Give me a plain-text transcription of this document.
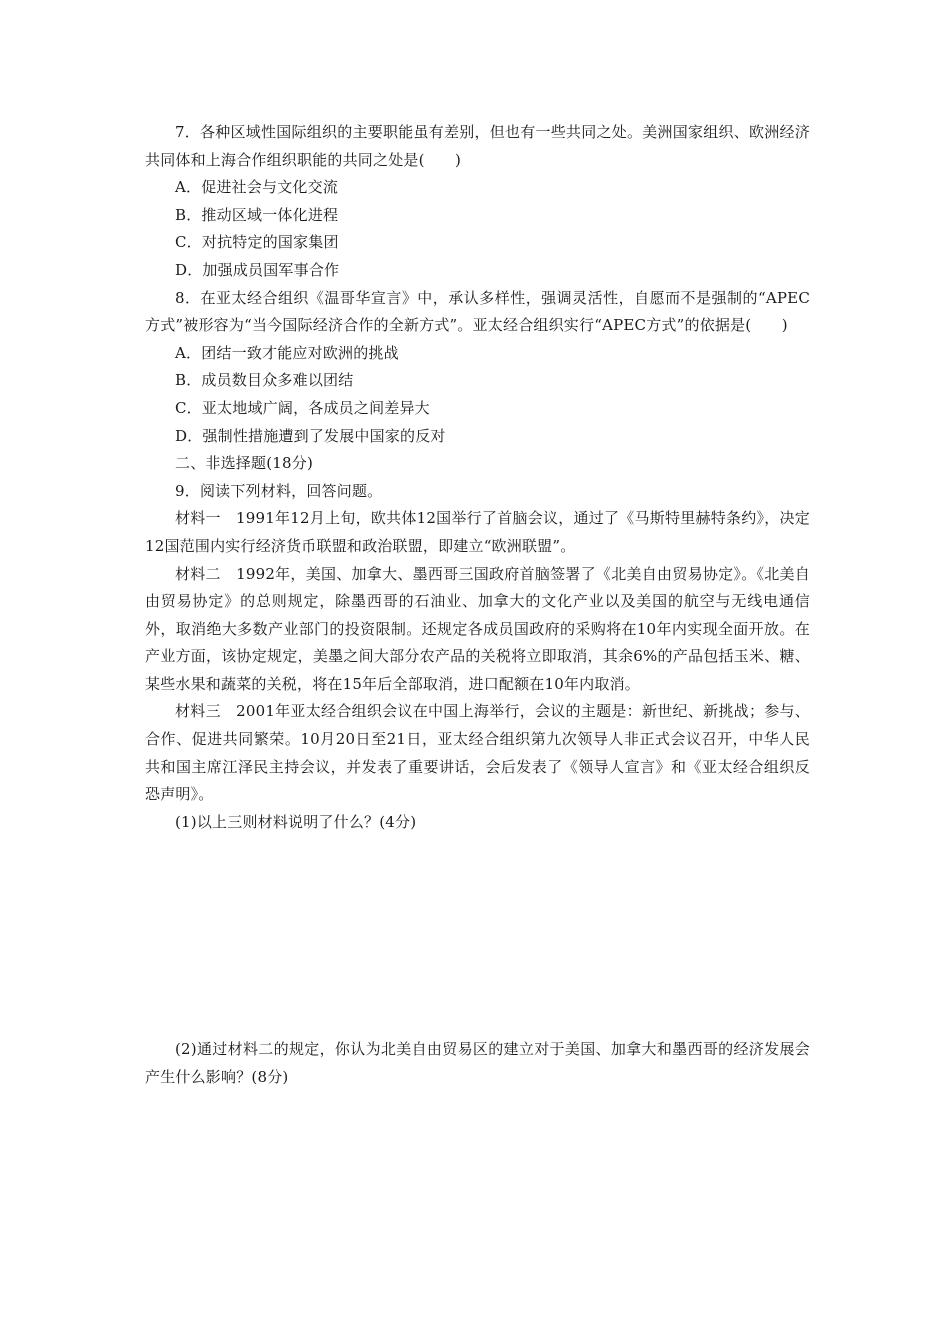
7．各种区域性国际组织的主要职能虽有差别，但也有一些共同之处。美洲国家组织、欧洲经济共同体和上海合作组织职能的共同之处是(　　)

A．促进社会与文化交流

B．推动区域一体化进程

C．对抗特定的国家集团

D．加强成员国军事合作

8．在亚太经合组织《温哥华宣言》中，承认多样性，强调灵活性，自愿而不是强制的“APEC方式”被形容为“当今国际经济合作的全新方式”。亚太经合组织实行“APEC方式”的依据是(　　)

A．团结一致才能应对欧洲的挑战

B．成员数目众多难以团结

C．亚太地域广阔，各成员之间差异大

D．强制性措施遭到了发展中国家的反对

二、非选择题(18分)

9．阅读下列材料，回答问题。

材料一　1991年12月上旬，欧共体12国举行了首脑会议，通过了《马斯特里赫特条约》，决定12国范围内实行经济货币联盟和政治联盟，即建立“欧洲联盟”。

材料二　1992年，美国、加拿大、墨西哥三国政府首脑签署了《北美自由贸易协定》。《北美自由贸易协定》的总则规定，除墨西哥的石油业、加拿大的文化产业以及美国的航空与无线电通信外，取消绝大多数产业部门的投资限制。还规定各成员国政府的采购将在10年内实现全面开放。在产业方面，该协定规定，美墨之间大部分农产品的关税将立即取消，其余6%的产品包括玉米、糖、某些水果和蔬菜的关税，将在15年后全部取消，进口配额在10年内取消。

材料三　2001年亚太经合组织会议在中国上海举行，会议的主题是：新世纪、新挑战；参与、合作、促进共同繁荣。10月20日至21日，亚太经合组织第九次领导人非正式会议召开，中华人民共和国主席江泽民主持会议，并发表了重要讲话，会后发表了《领导人宣言》和《亚太经合组织反恐声明》。

(1)以上三则材料说明了什么？(4分)

(2)通过材料二的规定，你认为北美自由贸易区的建立对于美国、加拿大和墨西哥的经济发展会产生什么影响？(8分)
